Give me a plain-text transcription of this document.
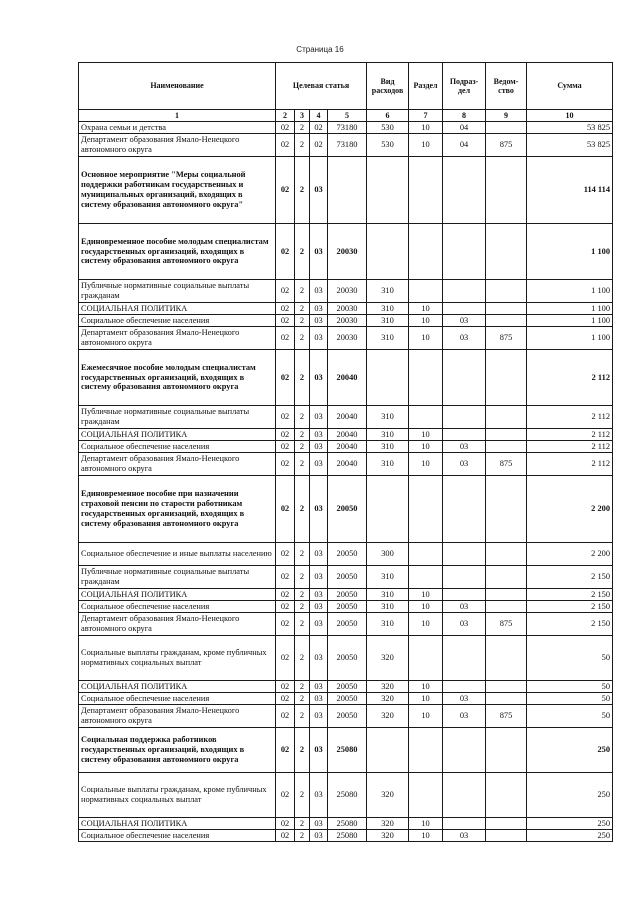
Страница 16
Наименование	Целевая статья				Вид расходов	Раздел	Подраз-дел	Ведом-ство	Сумма
1	2	3	4	5	6	7	8	9	10
Охрана семьи и детства	02	2	02	73180	530	10	04		53 825
Департамент образования Ямало-Ненецкого автономного округа	02	2	02	73180	530	10	04	875	53 825
Основное мероприятие "Меры социальной поддержки работникам государственных и муниципальных организаций, входящих в систему образования автономного округа"	02	2	03						114 114
Единовременное пособие молодым специалистам государственных организаций, входящих в систему образования автономного округа	02	2	03	20030					1 100
Публичные нормативные социальные выплаты гражданам	02	2	03	20030	310				1 100
СОЦИАЛЬНАЯ ПОЛИТИКА	02	2	03	20030	310	10			1 100
Социальное обеспечение населения	02	2	03	20030	310	10	03		1 100
Департамент образования Ямало-Ненецкого автономного округа	02	2	03	20030	310	10	03	875	1 100
Ежемесячное пособие молодым специалистам государственных организаций, входящих в систему образования автономного округа	02	2	03	20040					2 112
Публичные нормативные социальные выплаты гражданам	02	2	03	20040	310				2 112
СОЦИАЛЬНАЯ ПОЛИТИКА	02	2	03	20040	310	10			2 112
Социальное обеспечение населения	02	2	03	20040	310	10	03		2 112
Департамент образования Ямало-Ненецкого автономного округа	02	2	03	20040	310	10	03	875	2 112
Единовременное пособие при назначении страховой пенсии по старости работникам государственных организаций, входящих в систему образования автономного округа	02	2	03	20050					2 200
Социальное обеспечение и иные выплаты населению	02	2	03	20050	300				2 200
Публичные нормативные социальные выплаты гражданам	02	2	03	20050	310				2 150
СОЦИАЛЬНАЯ ПОЛИТИКА	02	2	03	20050	310	10			2 150
Социальное обеспечение населения	02	2	03	20050	310	10	03		2 150
Департамент образования Ямало-Ненецкого автономного округа	02	2	03	20050	310	10	03	875	2 150
Социальные выплаты гражданам, кроме публичных нормативных социальных выплат	02	2	03	20050	320				50
СОЦИАЛЬНАЯ ПОЛИТИКА	02	2	03	20050	320	10			50
Социальное обеспечение населения	02	2	03	20050	320	10	03		50
Департамент образования Ямало-Ненецкого автономного округа	02	2	03	20050	320	10	03	875	50
Социальная поддержка работников государственных организаций, входящих в систему образования автономного округа	02	2	03	25080					250
Социальные выплаты гражданам, кроме публичных нормативных социальных выплат	02	2	03	25080	320				250
СОЦИАЛЬНАЯ ПОЛИТИКА	02	2	03	25080	320	10			250
Социальное обеспечение населения	02	2	03	25080	320	10	03		250
